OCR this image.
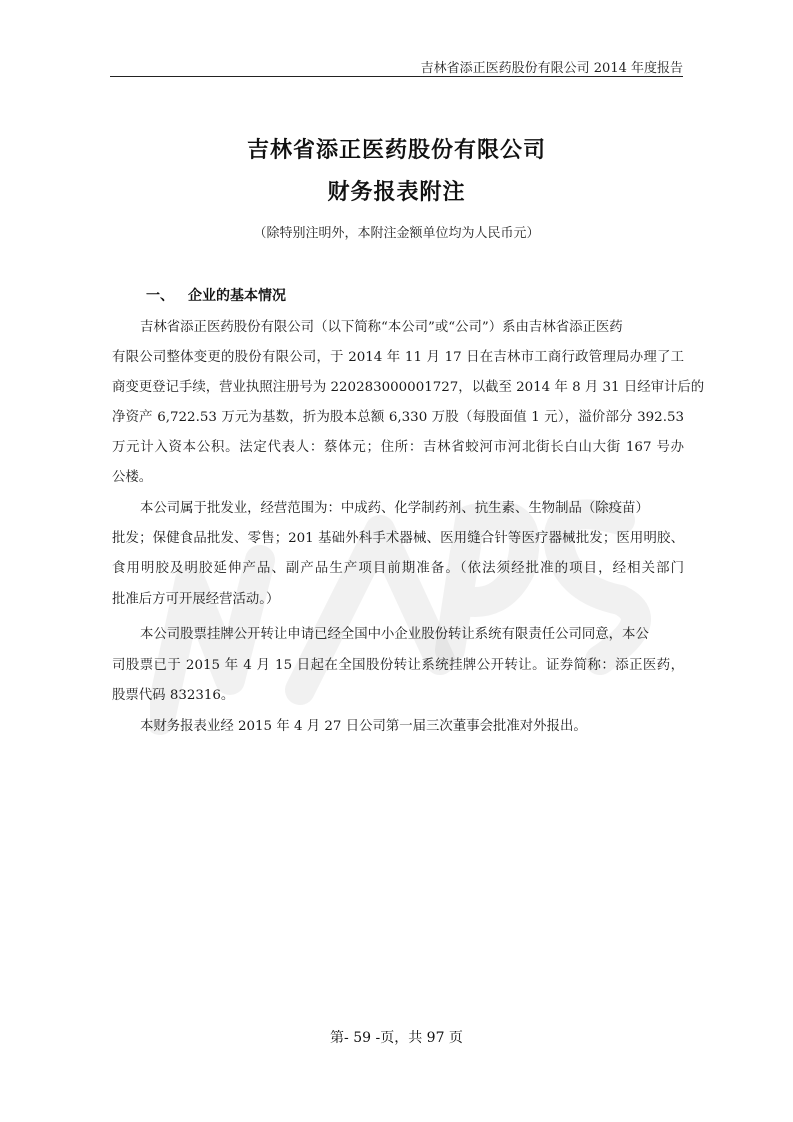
吉林省添正医药股份有限公司 2014 年度报告
吉林省添正医药股份有限公司
财务报表附注
（除特别注明外，本附注金额单位均为人民币元）
一、 企业的基本情况
吉林省添正医药股份有限公司（以下简称“本公司”或“公司”）系由吉林省添正医药
有限公司整体变更的股份有限公司，于 2014 年 11 月 17 日在吉林市工商行政管理局办理了工
商变更登记手续，营业执照注册号为 220283000001727，以截至 2014 年 8 月 31 日经审计后的
净资产 6,722.53 万元为基数，折为股本总额 6,330 万股（每股面值 1 元），溢价部分 392.53
万元计入资本公积。法定代表人：蔡体元；住所：吉林省蛟河市河北街长白山大街 167 号办
公楼。
本公司属于批发业，经营范围为：中成药、化学制药剂、抗生素、生物制品（除疫苗）
批发；保健食品批发、零售；201 基础外科手术器械、医用缝合针等医疗器械批发；医用明胶、
食用明胶及明胶延伸产品、副产品生产项目前期准备。（依法须经批准的项目，经相关部门
批准后方可开展经营活动。）
本公司股票挂牌公开转让申请已经全国中小企业股份转让系统有限责任公司同意，本公
司股票已于 2015 年 4 月 15 日起在全国股份转让系统挂牌公开转让。证券简称：添正医药，
股票代码 832316。
本财务报表业经 2015 年 4 月 27 日公司第一届三次董事会批准对外报出。
第- 59 -页，共 97 页
